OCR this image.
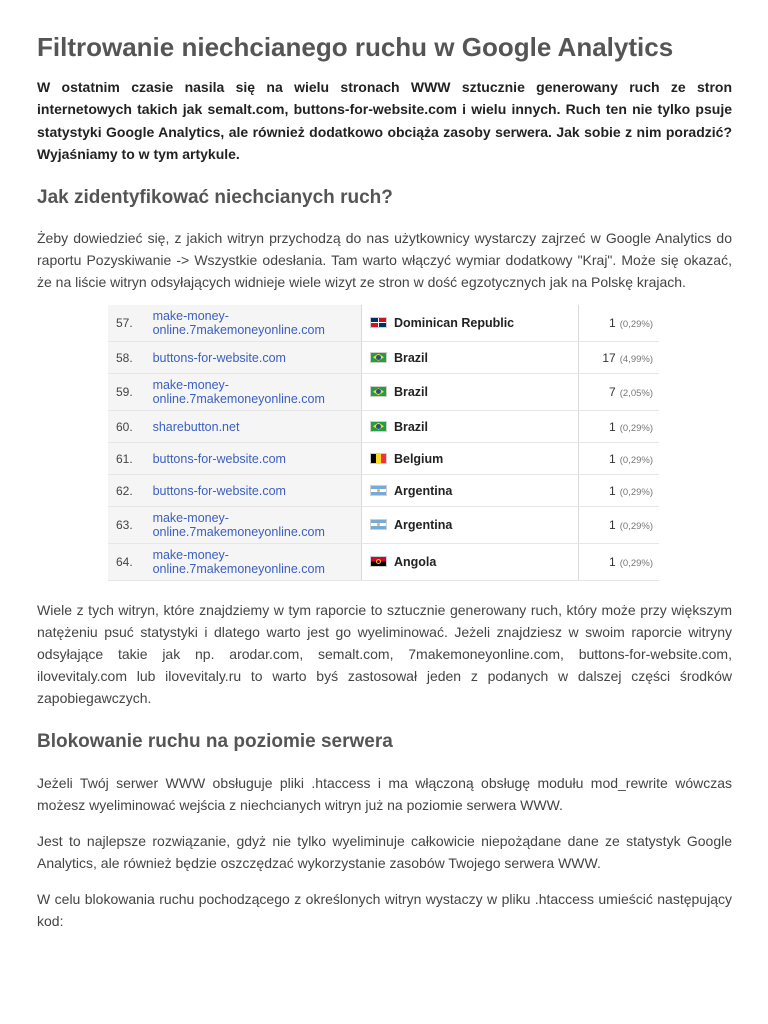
Filtrowanie niechcianego ruchu w Google Analytics

W ostatnim czasie nasila się na wielu stronach WWW sztucznie generowany ruch ze stron internetowych takich jak semalt.com, buttons-for-website.com i wielu innych. Ruch ten nie tylko psuje statystyki Google Analytics, ale również dodatkowo obciąża zasoby serwera. Jak sobie z nim poradzić? Wyjaśniamy to w tym artykule.

Jak zidentyfikować niechcianych ruch?

Żeby dowiedzieć się, z jakich witryn przychodzą do nas użytkownicy wystarczy zajrzeć w Google Analytics do raportu Pozyskiwanie -> Wszystkie odesłania. Tam warto włączyć wymiar dodatkowy "Kraj". Może się okazać, że na liście witryn odsyłających widnieje wiele wizyt ze stron w dość egzotycznych jak na Polskę krajach.

57.	make-money-
online.7makemoneyonline.com	Dominican Republic	1 (0,29%)
58.	buttons-for-website.com	Brazil	17 (4,99%)
59.	make-money-
online.7makemoneyonline.com	Brazil	7 (2,05%)
60.	sharebutton.net	Brazil	1 (0,29%)
61.	buttons-for-website.com	Belgium	1 (0,29%)
62.	buttons-for-website.com	Argentina	1 (0,29%)
63.	make-money-
online.7makemoneyonline.com	Argentina	1 (0,29%)
64.	make-money-
online.7makemoneyonline.com	Angola	1 (0,29%)

Wiele z tych witryn, które znajdziemy w tym raporcie to sztucznie generowany ruch, który może przy większym natężeniu psuć statystyki i dlatego warto jest go wyeliminować. Jeżeli znajdziesz w swoim raporcie witryny odsyłające takie jak np. arodar.com, semalt.com, 7makemoneyonline.com, buttons-for-website.com, ilovevitaly.com lub ilovevitaly.ru to warto byś zastosował jeden z podanych w dalszej części środków zapobiegawczych.

Blokowanie ruchu na poziomie serwera

Jeżeli Twój serwer WWW obsługuje pliki .htaccess i ma włączoną obsługę modułu mod_rewrite wówczas możesz wyeliminować wejścia z niechcianych witryn już na poziomie serwera WWW.

Jest to najlepsze rozwiązanie, gdyż nie tylko wyeliminuje całkowicie niepożądane dane ze statystyk Google Analytics, ale również będzie oszczędzać wykorzystanie zasobów Twojego serwera WWW.

W celu blokowania ruchu pochodzącego z określonych witryn wystaczy w pliku .htaccess umieścić następujący kod:
